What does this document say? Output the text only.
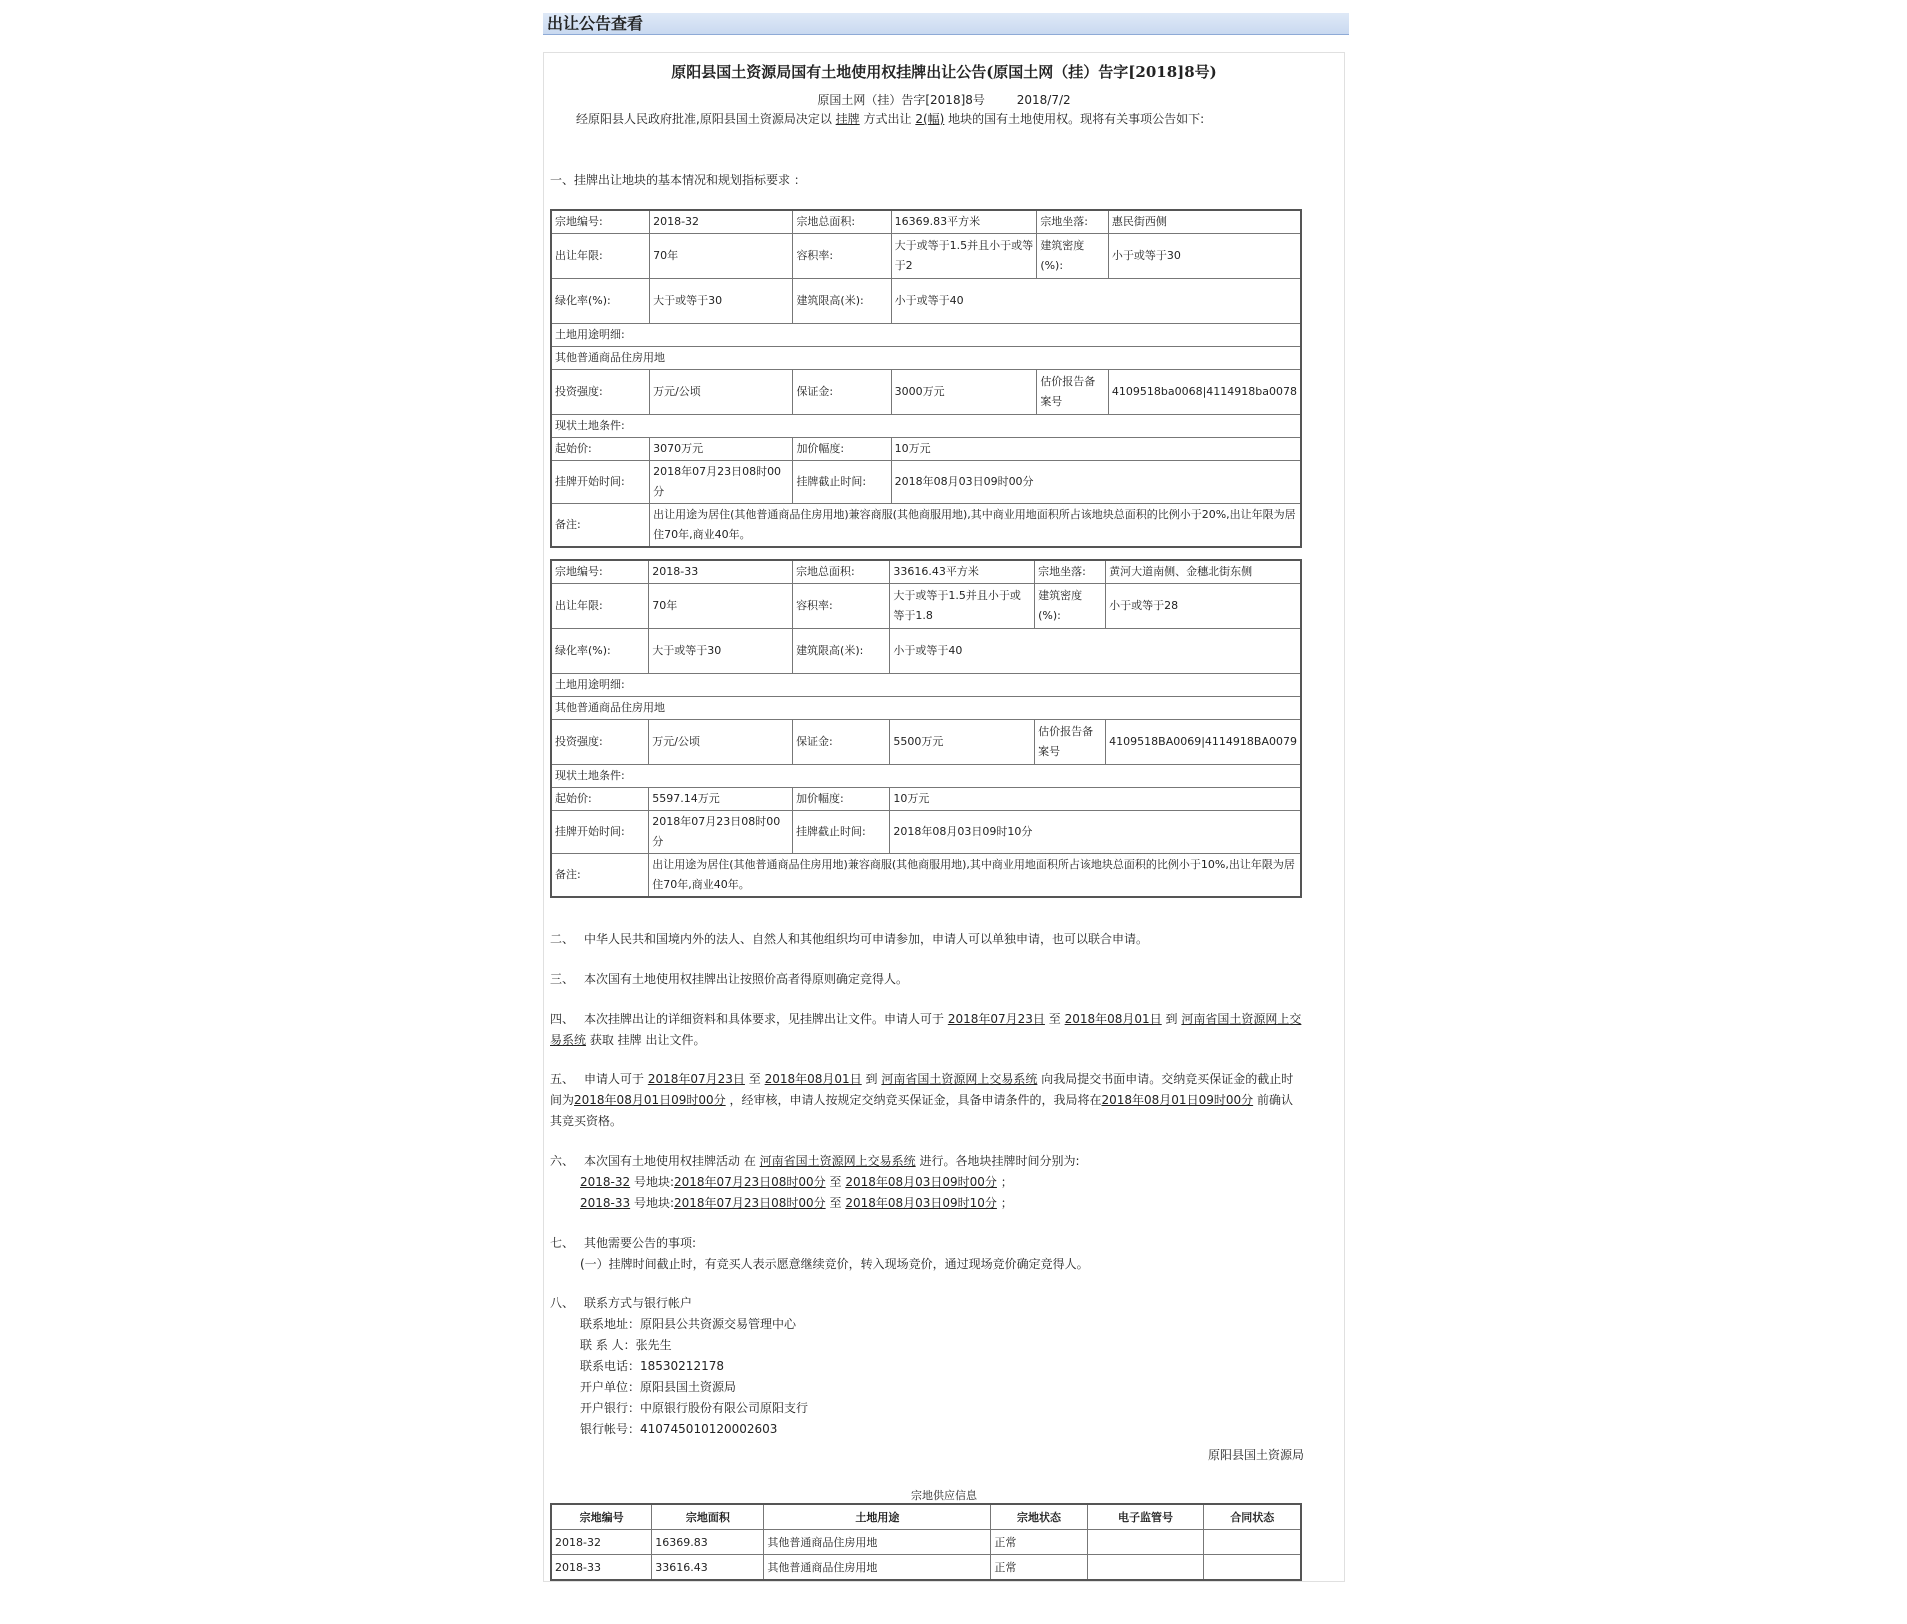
出让公告查看
原阳县国土资源局国有土地使用权挂牌出让公告(原国土网（挂）告字[2018]8号)
原国土网（挂）告字[2018]8号	2018/7/2
经原阳县人民政府批准,原阳县国土资源局决定以 挂牌 方式出让 2(幅) 地块的国有土地使用权。现将有关事项公告如下:
一、挂牌出让地块的基本情况和规划指标要求 ：
宗地编号:	2018-32	宗地总面积:	16369.83平方米	宗地坐落:	惠民街西侧
出让年限:	70年	容积率:	大于或等于1.5并且小于或等于2	建筑密度(%):	小于或等于30
绿化率(%):	大于或等于30	建筑限高(米):	小于或等于40		
土地用途明细:					
其他普通商品住房用地					
投资强度:	万元/公顷	保证金:	3000万元	估价报告备案号	4109518ba0068|4114918ba0078
现状土地条件:					
起始价:	3070万元	加价幅度:	10万元		
挂牌开始时间:	2018年07月23日08时00分	挂牌截止时间:	2018年08月03日09时00分		
备注:	出让用途为居住(其他普通商品住房用地)兼容商服(其他商服用地),其中商业用地面积所占该地块总面积的比例小于20%,出让年限为居住70年,商业40年。				
宗地编号:	2018-33	宗地总面积:	33616.43平方米	宗地坐落:	黄河大道南侧、金穗北街东侧
出让年限:	70年	容积率:	大于或等于1.5并且小于或等于1.8	建筑密度(%):	小于或等于28
绿化率(%):	大于或等于30	建筑限高(米):	小于或等于40		
土地用途明细:					
其他普通商品住房用地					
投资强度:	万元/公顷	保证金:	5500万元	估价报告备案号	4109518BA0069|4114918BA0079
现状土地条件:					
起始价:	5597.14万元	加价幅度:	10万元		
挂牌开始时间:	2018年07月23日08时00分	挂牌截止时间:	2018年08月03日09时10分		
备注:	出让用途为居住(其他普通商品住房用地)兼容商服(其他商服用地),其中商业用地面积所占该地块总面积的比例小于10%,出让年限为居住70年,商业40年。				
二、 中华人民共和国境内外的法人、自然人和其他组织均可申请参加，申请人可以单独申请，也可以联合申请。
三、 本次国有土地使用权挂牌出让按照价高者得原则确定竞得人。
四、 本次挂牌出让的详细资料和具体要求，见挂牌出让文件。申请人可于 2018年07月23日 至 2018年08月01日 到 河南省国土资源网上交易系统 获取 挂牌 出让文件。
五、 申请人可于 2018年07月23日 至 2018年08月01日 到 河南省国土资源网上交易系统 向我局提交书面申请。交纳竞买保证金的截止时间为2018年08月01日09时00分 ，经审核，申请人按规定交纳竞买保证金，具备申请条件的，我局将在2018年08月01日09时00分 前确认其竞买资格。
六、 本次国有土地使用权挂牌活动 在 河南省国土资源网上交易系统 进行。各地块挂牌时间分别为:
2018-32 号地块:2018年07月23日08时00分 至 2018年08月03日09时00分 ；
2018-33 号地块:2018年07月23日08时00分 至 2018年08月03日09时10分 ；
七、 其他需要公告的事项:
(一）挂牌时间截止时，有竞买人表示愿意继续竞价，转入现场竞价，通过现场竞价确定竞得人。
八、 联系方式与银行帐户
联系地址：原阳县公共资源交易管理中心
联 系 人：张先生
联系电话：18530212178
开户单位：原阳县国土资源局
开户银行：中原银行股份有限公司原阳支行
银行帐号：410745010120002603
原阳县国土资源局
宗地供应信息
宗地编号	宗地面积	土地用途	宗地状态	电子监管号	合同状态
2018-32	16369.83	其他普通商品住房用地	正常		
2018-33	33616.43	其他普通商品住房用地	正常		
